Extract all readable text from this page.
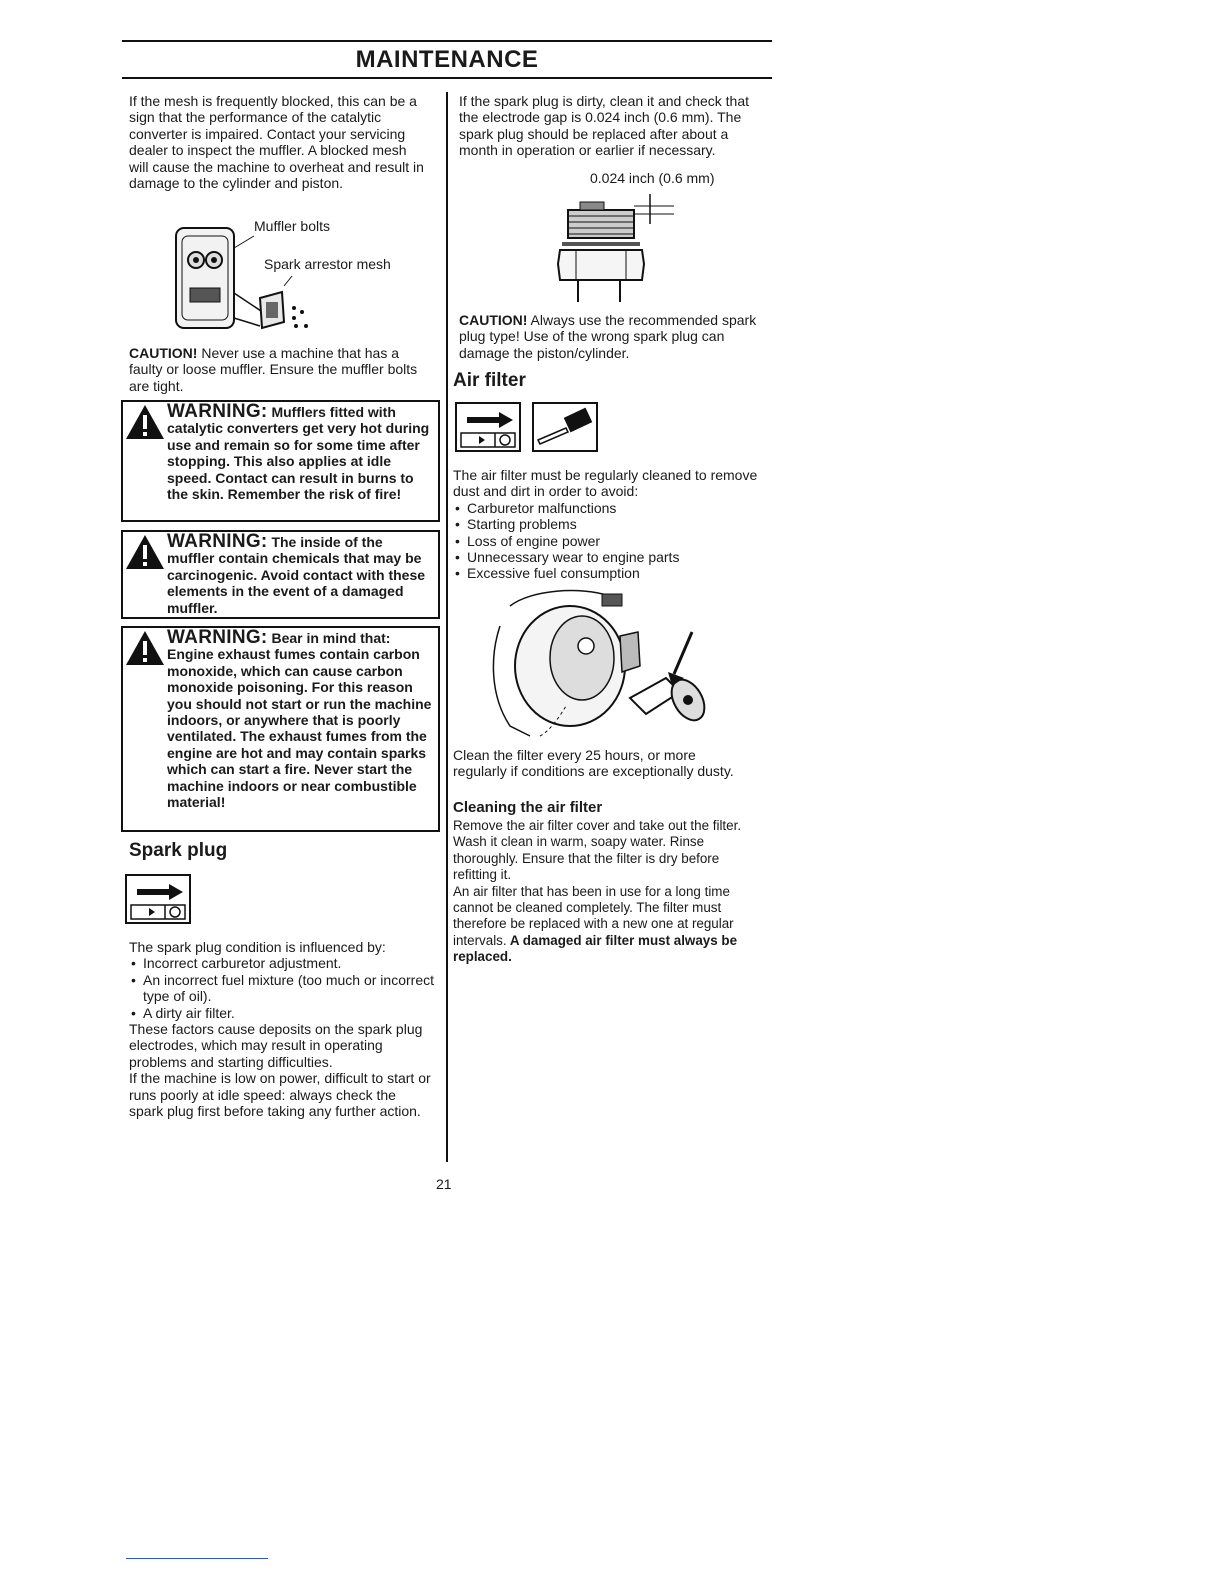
MAINTENANCE

If the mesh is frequently blocked, this can be a sign that the performance of the catalytic converter is impaired. Contact your servicing dealer to inspect the muffler. A blocked mesh will cause the machine to overheat and result in damage to the cylinder and piston.

Muffler bolts
Spark arrestor mesh

CAUTION! Never use a machine that has a faulty or loose muffler. Ensure the muffler bolts are tight.

WARNING: Mufflers fitted with catalytic converters get very hot during use and remain so for some time after stopping. This also applies at idle speed. Contact can result in burns to the skin. Remember the risk of fire!
WARNING: The inside of the muffler contain chemicals that may be carcinogenic. Avoid contact with these elements in the event of a damaged muffler.
WARNING: Bear in mind that: Engine exhaust fumes contain carbon monoxide, which can cause carbon monoxide poisoning. For this reason you should not start or run the machine indoors, or anywhere that is poorly ventilated. The exhaust fumes from the engine are hot and may contain sparks which can start a fire. Never start the machine indoors or near combustible material!
Spark plug

The spark plug condition is influenced by:

• Incorrect carburetor adjustment.
• An incorrect fuel mixture (too much or incorrect type of oil).
• A dirty air filter.

These factors cause deposits on the spark plug electrodes, which may result in operating problems and starting difficulties.

If the machine is low on power, difficult to start or runs poorly at idle speed: always check the spark plug first before taking any further action.

If the spark plug is dirty, clean it and check that the electrode gap is 0.024 inch (0.6 mm). The spark plug should be replaced after about a month in operation or earlier if necessary.

0.024 inch (0.6 mm)

CAUTION! Always use the recommended spark plug type! Use of the wrong spark plug can damage the piston/cylinder.

Air filter

The air filter must be regularly cleaned to remove dust and dirt in order to avoid:

• Carburetor malfunctions
• Starting problems
• Loss of engine power
• Unnecessary wear to engine parts
• Excessive fuel consumption

Clean the filter every 25 hours, or more regularly if conditions are exceptionally dusty.

Cleaning the air filter

Remove the air filter cover and take out the filter. Wash it clean in warm, soapy water. Rinse thoroughly. Ensure that the filter is dry before refitting it.

An air filter that has been in use for a long time cannot be cleaned completely. The filter must therefore be replaced with a new one at regular intervals. A damaged air filter must always be replaced.

21
